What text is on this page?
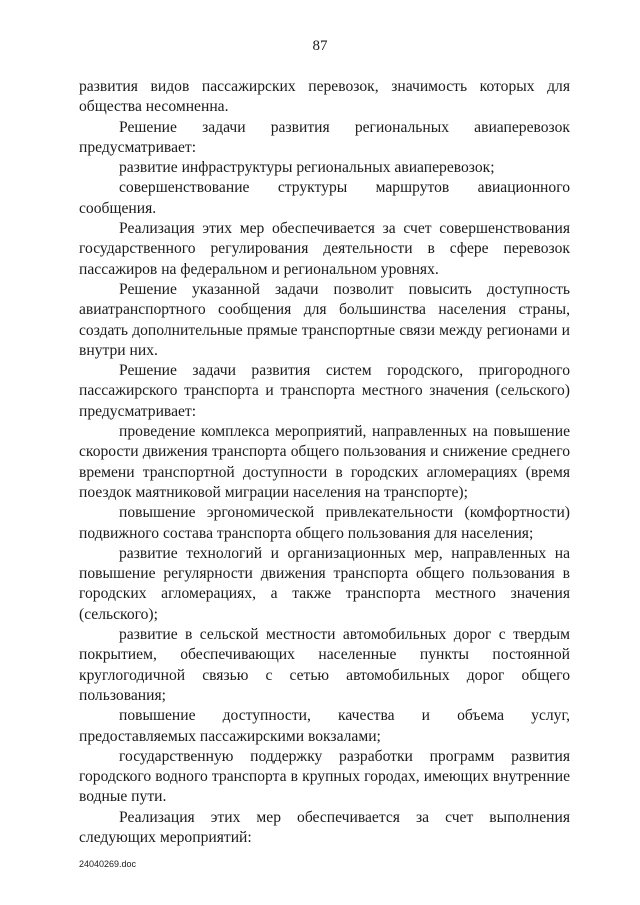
87

развития видов пассажирских перевозок, значимость которых для общества несомненна.

Решение задачи развития региональных авиаперевозок предусматривает:

развитие инфраструктуры региональных авиаперевозок;

совершенствование структуры маршрутов авиационного сообщения.

Реализация этих мер обеспечивается за счет совершенствования государственного регулирования деятельности в сфере перевозок пассажиров на федеральном и региональном уровнях.

Решение указанной задачи позволит повысить доступность авиатранспортного сообщения для большинства населения страны, создать дополнительные прямые транспортные связи между регионами и внутри них.

Решение задачи развития систем городского, пригородного пассажирского транспорта и транспорта местного значения (сельского) предусматривает:

проведение комплекса мероприятий, направленных на повышение скорости движения транспорта общего пользования и снижение среднего времени транспортной доступности в городских агломерациях (время поездок маятниковой миграции населения на транспорте);

повышение эргономической привлекательности (комфортности) подвижного состава транспорта общего пользования для населения;

развитие технологий и организационных мер, направленных на повышение регулярности движения транспорта общего пользования в городских агломерациях, а также транспорта местного значения (сельского);

развитие в сельской местности автомобильных дорог с твердым покрытием, обеспечивающих населенные пункты постоянной круглогодичной связью с сетью автомобильных дорог общего пользования;

повышение доступности, качества и объема услуг, предоставляемых пассажирскими вокзалами;

государственную поддержку разработки программ развития городского водного транспорта в крупных городах, имеющих внутренние водные пути.

Реализация этих мер обеспечивается за счет выполнения следующих мероприятий:

24040269.doc
